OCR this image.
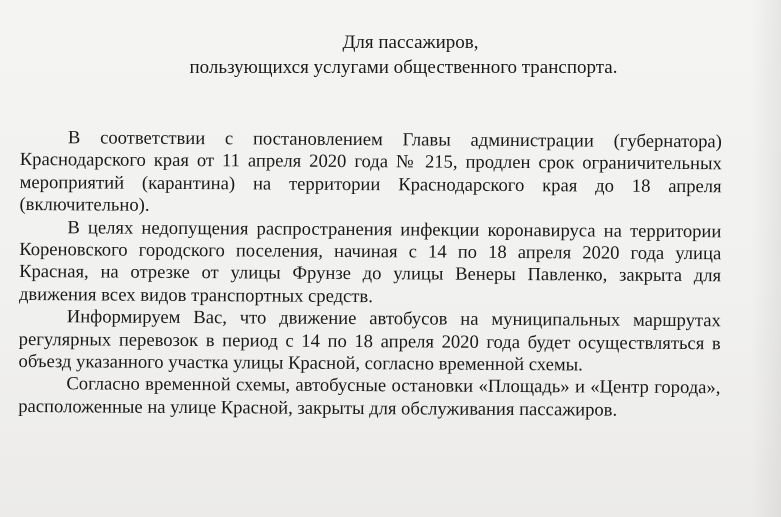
Для пассажиров,
пользующихся услугами общественного транспорта.

В соответствии с постановлением Главы администрации (губернатора) Краснодарского края от 11 апреля 2020 года № 215, продлен срок ограничительных мероприятий (карантина) на территории Краснодарского края до 18 апреля (включительно).

В целях недопущения распространения инфекции коронавируса на территории Кореновского городского поселения, начиная с 14 по 18 апреля 2020 года улица Красная, на отрезке от улицы Фрунзе до улицы Венеры Павленко, закрыта для движения всех видов транспортных средств.

Информируем Вас, что движение автобусов на муниципальных маршрутах регулярных перевозок в период с 14 по 18 апреля 2020 года будет осуществляться в объезд указанного участка улицы Красной, согласно временной схемы.

Согласно временной схемы, автобусные остановки «Площадь» и «Центр города», расположенные на улице Красной, закрыты для обслуживания пассажиров.
